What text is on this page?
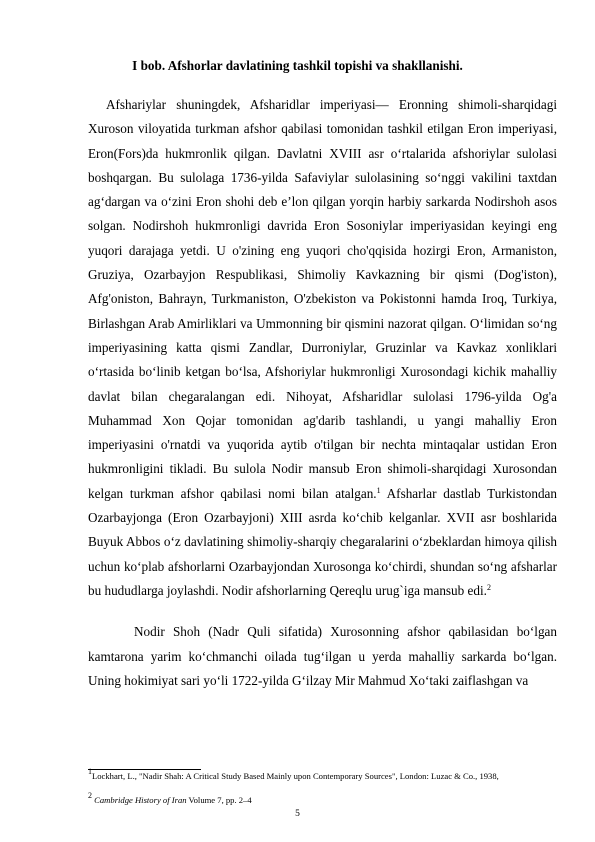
I bob. Afshorlar davlatining tashkil topishi va shakllanishi.

Afshariylar shuningdek, Afsharidlar imperiyasi— Eronning shimoli-sharqidagi Xuroson viloyatida turkman afshor qabilasi tomonidan tashkil etilgan Eron imperiyasi, Eron(Fors)da hukmronlik qilgan. Davlatni XVIII asr o‘rtalarida afshoriylar sulolasi boshqargan. Bu sulolaga 1736-yilda Safaviylar sulolasining so‘nggi vakilini taxtdan ag‘dargan va o‘zini Eron shohi deb e’lon qilgan yorqin harbiy sarkarda Nodirshoh asos solgan. Nodirshoh hukmronligi davrida Eron Sosoniylar imperiyasidan keyingi eng yuqori darajaga yetdi. U o'zining eng yuqori cho'qqisida hozirgi Eron, Armaniston, Gruziya, Ozarbayjon Respublikasi, Shimoliy Kavkazning bir qismi (Dog'iston), Afg'oniston, Bahrayn, Turkmaniston, O'zbekiston va Pokistonni hamda Iroq, Turkiya, Birlashgan Arab Amirliklari va Ummonning bir qismini nazorat qilgan. O‘limidan so‘ng imperiyasining katta qismi Zandlar, Durroniylar, Gruzinlar va Kavkaz xonliklari o‘rtasida bo‘linib ketgan bo‘lsa, Afshoriylar hukmronligi Xurosondagi kichik mahalliy davlat bilan chegaralangan edi. Nihoyat, Afsharidlar sulolasi 1796-yilda Og'a Muhammad Xon Qojar tomonidan ag'darib tashlandi, u yangi mahalliy Eron imperiyasini o'rnatdi va yuqorida aytib o'tilgan bir nechta mintaqalar ustidan Eron hukmronligini tikladi. Bu sulola Nodir mansub Eron shimoli-sharqidagi Xurosondan kelgan turkman afshor qabilasi nomi bilan atalgan.$^1$ Afsharlar dastlab Turkistondan Ozarbayjonga (Eron Ozarbayjoni) XIII asrda ko‘chib kelganlar. XVII asr boshlarida Buyuk Abbos o‘z davlatining shimoliy-sharqiy chegaralarini o‘zbeklardan himoya qilish uchun ko‘plab afshorlarni Ozarbayjondan Xurosonga ko‘chirdi, shundan so‘ng afsharlar bu hududlarga joylashdi. Nodir afshorlarning Qereqlu urug`iga mansub edi.$^2$

Nodir Shoh (Nadr Quli sifatida) Xurosonning afshor qabilasidan bo‘lgan kamtarona yarim ko‘chmanchi oilada tug‘ilgan u yerda mahalliy sarkarda bo‘lgan. Uning hokimiyat sari yo‘li 1722-yilda G‘ilzay Mir Mahmud Xo‘taki zaiflashgan va

$^1$Lockhart, L., "Nadir Shah: A Critical Study Based Mainly upon Contemporary Sources", London: Luzac & Co., 1938,
$^2$ Cambridge History of Iran Volume 7, pp. 2–4
5
